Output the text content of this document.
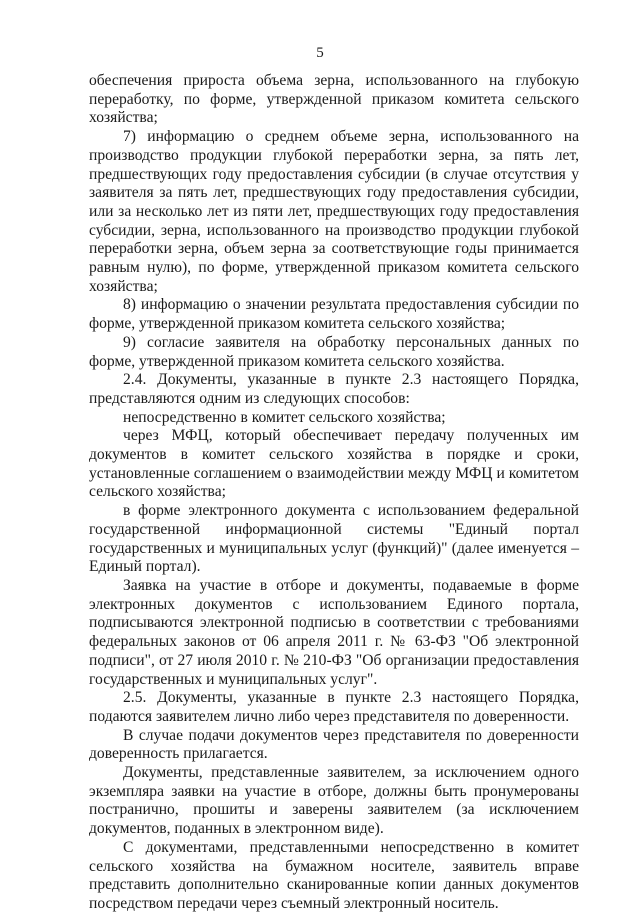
5

обеспечения прироста объема зерна, использованного на глубокую переработку, по форме, утвержденной приказом комитета сельского хозяйства;

7) информацию о среднем объеме зерна, использованного на производство продукции глубокой переработки зерна, за пять лет, предшествующих году предоставления субсидии (в случае отсутствия у заявителя за пять лет, предшествующих году предоставления субсидии, или за несколько лет из пяти лет, предшествующих году предоставления субсидии, зерна, использованного на производство продукции глубокой переработки зерна, объем зерна за соответствующие годы принимается равным нулю), по форме, утвержденной приказом комитета сельского хозяйства;

8) информацию о значении результата предоставления субсидии по форме, утвержденной приказом комитета сельского хозяйства;

9) согласие заявителя на обработку персональных данных по форме, утвержденной приказом комитета сельского хозяйства.

2.4. Документы, указанные в пункте 2.3 настоящего Порядка, представляются одним из следующих способов:

непосредственно в комитет сельского хозяйства;

через МФЦ, который обеспечивает передачу полученных им документов в комитет сельского хозяйства в порядке и сроки, установленные соглашением о взаимодействии между МФЦ и комитетом сельского хозяйства;

в форме электронного документа с использованием федеральной государственной информационной системы "Единый портал государственных и муниципальных услуг (функций)" (далее именуется – Единый портал).

Заявка на участие в отборе и документы, подаваемые в форме электронных документов с использованием Единого портала, подписываются электронной подписью в соответствии с требованиями федеральных законов от 06 апреля 2011 г. № 63-ФЗ "Об электронной подписи", от 27 июля 2010 г. № 210-ФЗ "Об организации предоставления государственных и муниципальных услуг".

2.5. Документы, указанные в пункте 2.3 настоящего Порядка, подаются заявителем лично либо через представителя по доверенности.

В случае подачи документов через представителя по доверенности доверенность прилагается.

Документы, представленные заявителем, за исключением одного экземпляра заявки на участие в отборе, должны быть пронумерованы постранично, прошиты и заверены заявителем (за исключением документов, поданных в электронном виде).

С документами, представленными непосредственно в комитет сельского хозяйства на бумажном носителе, заявитель вправе представить дополнительно сканированные копии данных документов посредством передачи через съемный электронный носитель.
